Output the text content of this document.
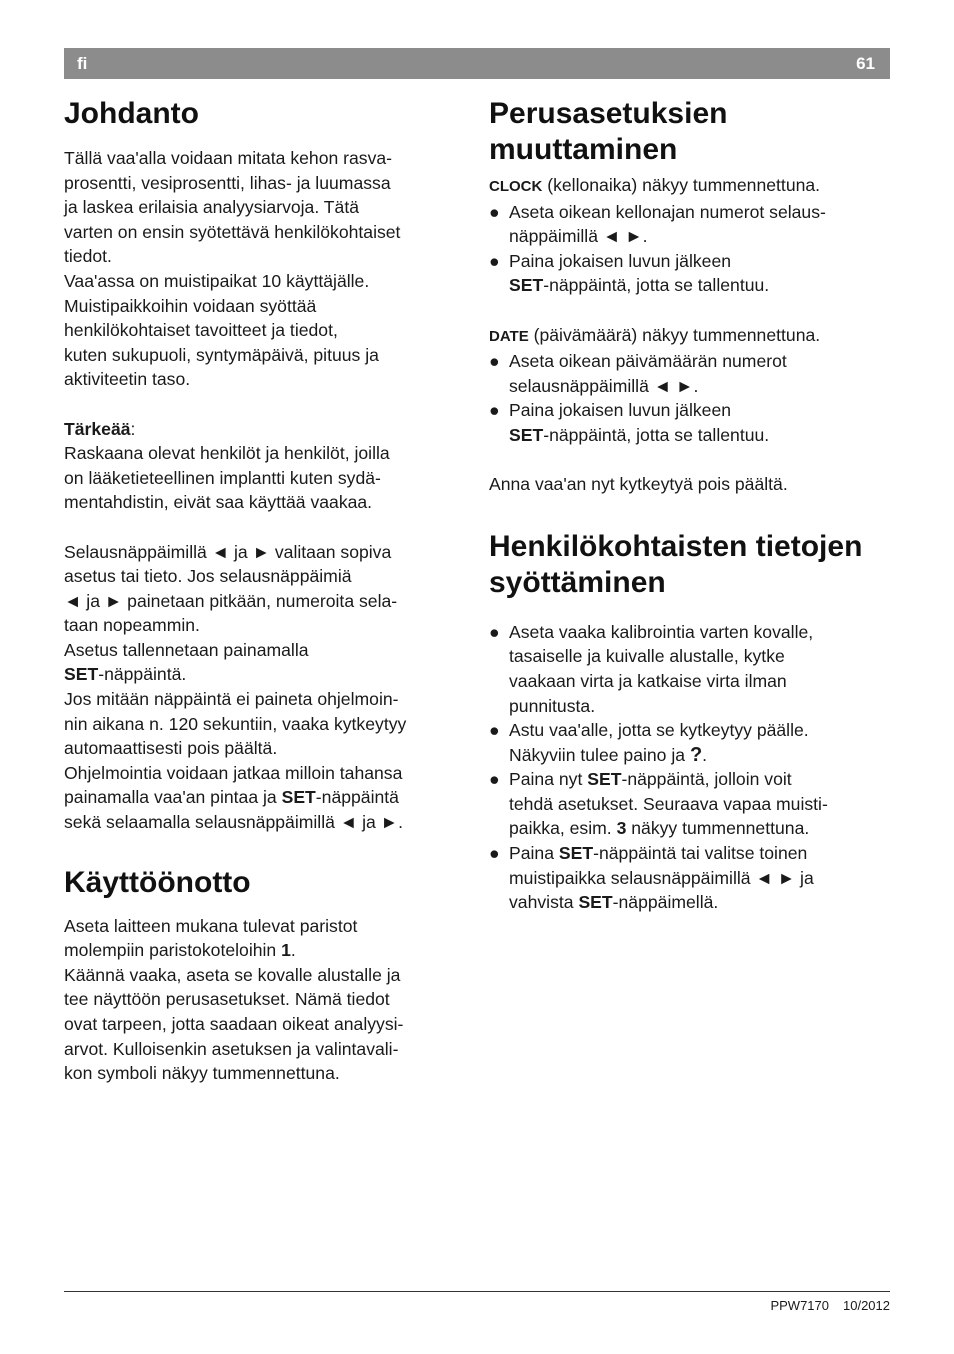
fi	61
Johdanto
Tällä vaa'alla voidaan mitata kehon rasva-
prosentti, vesiprosentti, lihas- ja luumassa
ja laskea erilaisia analyysiarvoja. Tätä
varten on ensin syötettävä henkilökohtaiset
tiedot.
Vaa'assa on muistipaikat 10 käyttäjälle.
Muistipaikkoihin voidaan syöttää
henkilökohtaiset tavoitteet ja tiedot,
kuten sukupuoli, syntymäpäivä, pituus ja
aktiviteetin taso.
Tärkeää:
Raskaana olevat henkilöt ja henkilöt, joilla
on lääketieteellinen implantti kuten sydä-
mentahdistin, eivät saa käyttää vaakaa.
Selausnäppäimillä ◄ ja ► valitaan sopiva
asetus tai tieto. Jos selausnäppäimiä
◄ ja ► painetaan pitkään, numeroita sela-
taan nopeammin.
Asetus tallennetaan painamalla
SET-näppäintä.
Jos mitään näppäintä ei paineta ohjelmoin-
nin aikana n. 120 sekuntiin, vaaka kytkeytyy
automaattisesti pois päältä.
Ohjelmointia voidaan jatkaa milloin tahansa
painamalla vaa'an pintaa ja SET-näppäintä
sekä selaamalla selausnäppäimillä ◄ ja ►.
Käyttöönotto
Aseta laitteen mukana tulevat paristot
molempiin paristokoteloihin 1.
Käännä vaaka, aseta se kovalle alustalle ja
tee näyttöön perusasetukset. Nämä tiedot
ovat tarpeen, jotta saadaan oikeat analyysi-
arvot. Kulloisenkin asetuksen ja valintavali-
kon symboli näkyy tummennettuna.
Perusasetuksien
muuttaminen
CLOCK (kellonaika) näkyy tummennettuna.
● Aseta oikean kellonajan numerot selaus-
näppäimillä ◄ ►.
● Paina jokaisen luvun jälkeen
SET-näppäintä, jotta se tallentuu.
DATE (päivämäärä) näkyy tummennettuna.
● Aseta oikean päivämäärän numerot
selausnäppäimillä ◄ ►.
● Paina jokaisen luvun jälkeen
SET-näppäintä, jotta se tallentuu.
Anna vaa'an nyt kytkeytyä pois päältä.
Henkilökohtaisten tietojen
syöttäminen
● Aseta vaaka kalibrointia varten kovalle,
tasaiselle ja kuivalle alustalle, kytke
vaakaan virta ja katkaise virta ilman
punnitusta.
● Astu vaa'alle, jotta se kytkeytyy päälle.
Näkyviin tulee paino ja ?.
● Paina nyt SET-näppäintä, jolloin voit
tehdä asetukset. Seuraava vapaa muisti-
paikka, esim. 3 näkyy tummennettuna.
● Paina SET-näppäintä tai valitse toinen
muistipaikka selausnäppäimillä ◄ ► ja
vahvista SET-näppäimellä.
PPW7170 10/2012
